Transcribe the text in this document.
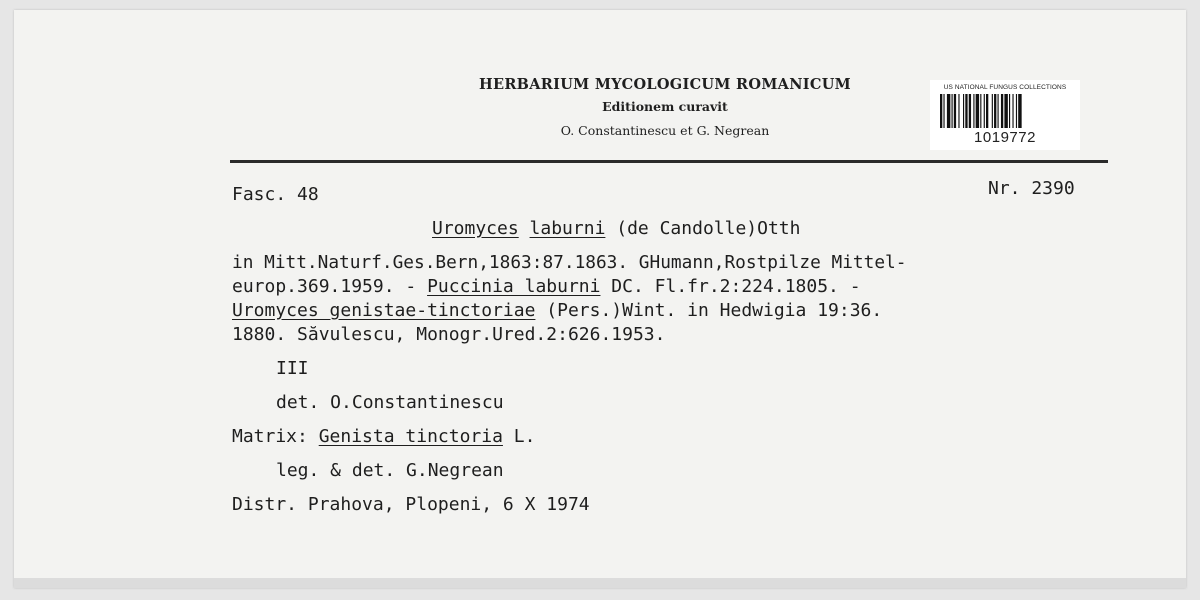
HERBARIUM MYCOLOGICUM ROMANICUM
Editionem curavit
O. Constantinescu et G. Negrean
US NATIONAL FUNGUS COLLECTIONS
1019772
Fasc. 48	Nr. 2390
Uromyces laburni (de Candolle)Otth
in Mitt.Naturf.Ges.Bern,1863:87.1863. GHumann,Rostpilze Mittel-
europ.369.1959. - Puccinia laburni DC. Fl.fr.2:224.1805. -
Uromyces genistae-tinctoriae (Pers.)Wint. in Hedwigia 19:36.
1880. Săvulescu, Monogr.Ured.2:626.1953.
III
det. O.Constantinescu
Matrix: Genista tinctoria L.
leg. & det. G.Negrean
Distr. Prahova, Plopeni, 6 X 1974
